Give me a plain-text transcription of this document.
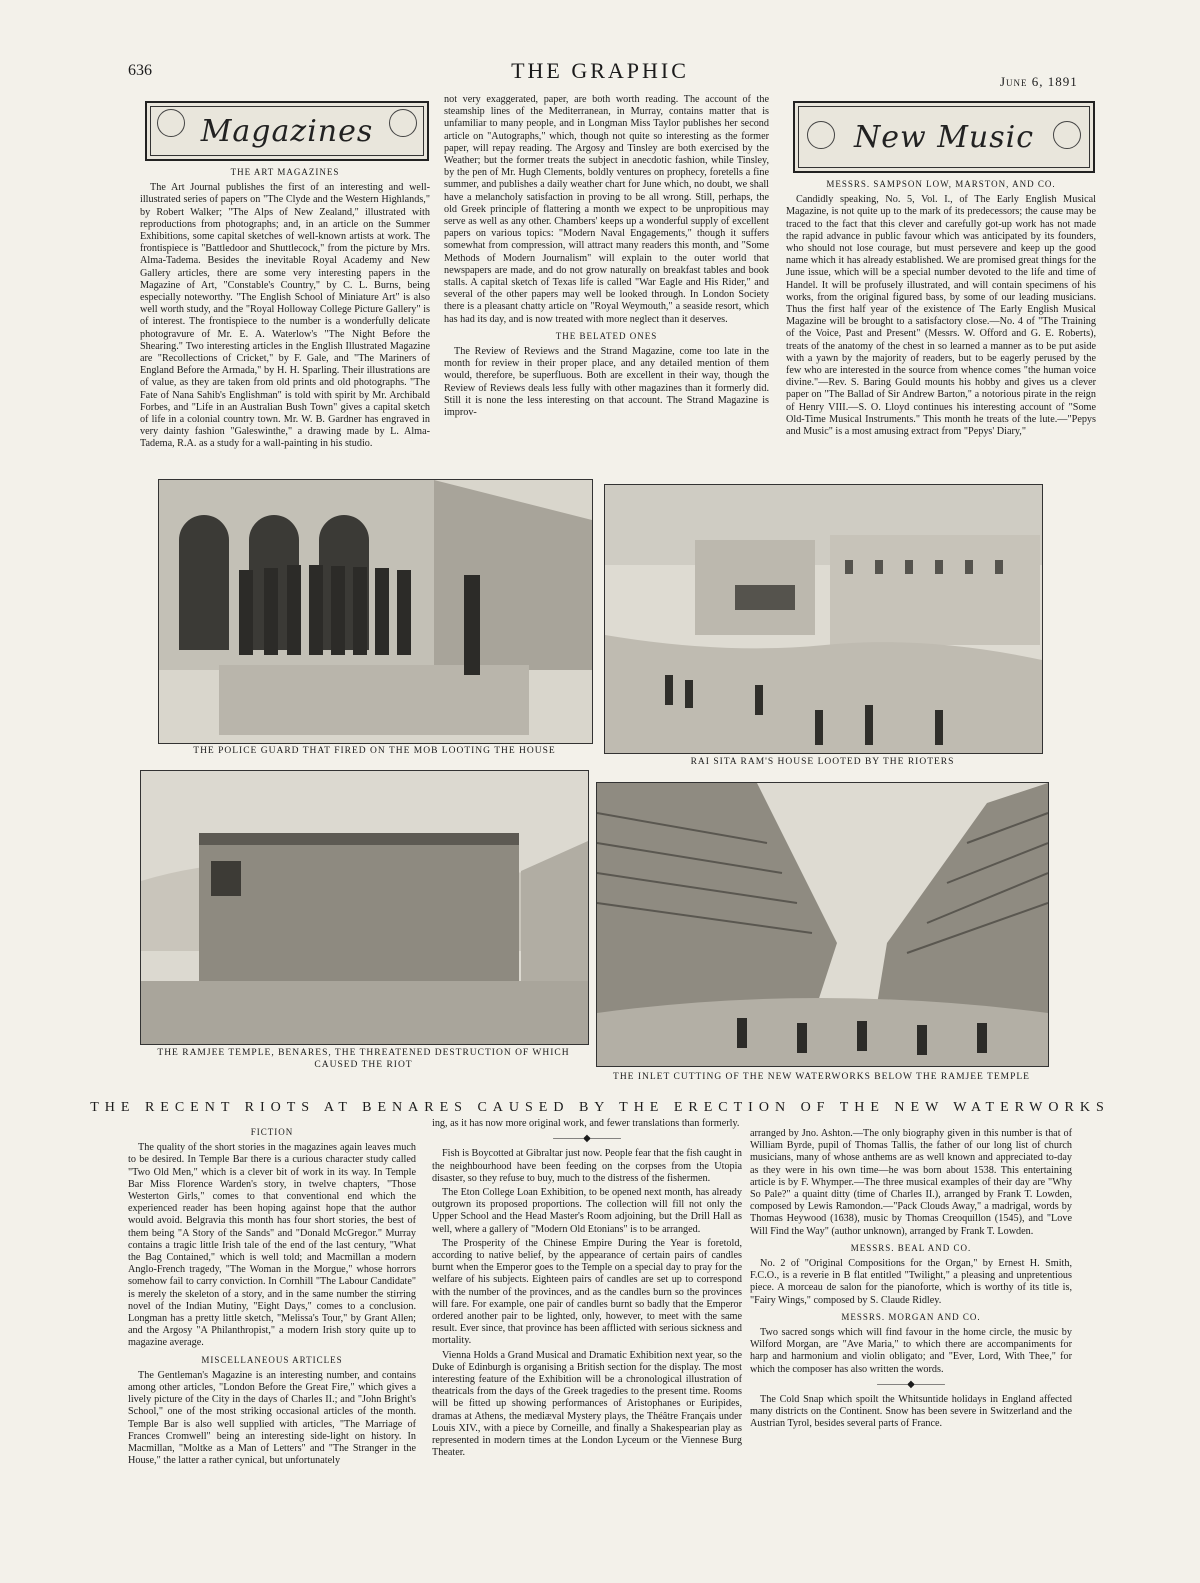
636	THE GRAPHIC	June 6, 1891
Magazines	New Music
THE ART MAGAZINES

The Art Journal publishes the first of an interesting and well-illustrated series of papers on "The Clyde and the Western Highlands," by Robert Walker; "The Alps of New Zealand," illustrated with reproductions from photographs; and, in an article on the Summer Exhibitions, some capital sketches of well-known artists at work. The frontispiece is "Battledoor and Shuttlecock," from the picture by Mrs. Alma-Tadema. Besides the inevitable Royal Academy and New Gallery articles, there are some very interesting papers in the Magazine of Art, "Constable's Country," by C. L. Burns, being especially noteworthy. "The English School of Miniature Art" is also well worth study, and the "Royal Holloway College Picture Gallery" is of interest. The frontispiece to the number is a wonderfully delicate photogravure of Mr. E. A. Waterlow's "The Night Before the Shearing." Two interesting articles in the English Illustrated Magazine are "Recollections of Cricket," by F. Gale, and "The Mariners of England Before the Armada," by H. H. Sparling. Their illustrations are of value, as they are taken from old prints and old photographs. "The Fate of Nana Sahib's Englishman" is told with spirit by Mr. Archibald Forbes, and "Life in an Australian Bush Town" gives a capital sketch of life in a colonial country town. Mr. W. B. Gardner has engraved in very dainty fashion "Galeswinthe," a drawing made by L. Alma-Tadema, R.A. as a study for a wall-painting in his studio.

not very exaggerated, paper, are both worth reading. The account of the steamship lines of the Mediterranean, in Murray, contains matter that is unfamiliar to many people, and in Longman Miss Taylor publishes her second article on "Autographs," which, though not quite so interesting as the former paper, will repay reading. The Argosy and Tinsley are both exercised by the Weather; but the former treats the subject in anecdotic fashion, while Tinsley, by the pen of Mr. Hugh Clements, boldly ventures on prophecy, foretells a fine summer, and publishes a daily weather chart for June which, no doubt, we shall have a melancholy satisfaction in proving to be all wrong. Still, perhaps, the old Greek principle of flattering a month we expect to be unpropitious may serve as well as any other. Chambers' keeps up a wonderful supply of excellent papers on various topics: "Modern Naval Engagements," though it suffers somewhat from compression, will attract many readers this month, and "Some Methods of Modern Journalism" will explain to the outer world that newspapers are made, and do not grow naturally on breakfast tables and book stalls. A capital sketch of Texas life is called "War Eagle and His Rider," and several of the other papers may well be looked through. In London Society there is a pleasant chatty article on "Royal Weymouth," a seaside resort, which has had its day, and is now treated with more neglect than it deserves.

THE BELATED ONES

The Review of Reviews and the Strand Magazine, come too late in the month for review in their proper place, and any detailed mention of them would, therefore, be superfluous. Both are excellent in their way, though the Review of Reviews deals less fully with other magazines than it formerly did. Still it is none the less interesting on that account. The Strand Magazine is improv-

MESSRS. SAMPSON LOW, MARSTON, AND CO.

Candidly speaking, No. 5, Vol. I., of The Early English Musical Magazine, is not quite up to the mark of its predecessors; the cause may be traced to the fact that this clever and carefully got-up work has not made the rapid advance in public favour which was anticipated by its founders, who should not lose courage, but must persevere and keep up the good name which it has already established. We are promised great things for the June issue, which will be a special number devoted to the life and time of Handel. It will be profusely illustrated, and will contain specimens of his works, from the original figured bass, by some of our leading musicians. Thus the first half year of the existence of The Early English Musical Magazine will be brought to a satisfactory close.—No. 4 of "The Training of the Voice, Past and Present" (Messrs. W. Offord and G. E. Roberts), treats of the anatomy of the chest in so learned a manner as to be put aside with a yawn by the majority of readers, but to be eagerly perused by the few who are interested in the source from whence comes "the human voice divine."—Rev. S. Baring Gould mounts his hobby and gives us a clever paper on "The Ballad of Sir Andrew Barton," a notorious pirate in the reign of Henry VIII.—S. O. Lloyd continues his interesting account of "Some Old-Time Musical Instruments." This month he treats of the lute.—"Pepys and Music" is a most amusing extract from "Pepys' Diary,"

THE POLICE GUARD THAT FIRED ON THE MOB LOOTING THE HOUSE
RAI SITA RAM'S HOUSE LOOTED BY THE RIOTERS
THE RAMJEE TEMPLE, BENARES, THE THREATENED DESTRUCTION OF WHICH
CAUSED THE RIOT
THE INLET CUTTING OF THE NEW WATERWORKS BELOW THE RAMJEE TEMPLE
THE RECENT RIOTS AT BENARES CAUSED BY THE ERECTION OF THE NEW WATERWORKS
FICTION

The quality of the short stories in the magazines again leaves much to be desired. In Temple Bar there is a curious character study called "Two Old Men," which is a clever bit of work in its way. In Temple Bar Miss Florence Warden's story, in twelve chapters, "Those Westerton Girls," comes to that conventional end which the experienced reader has been hoping against hope that the author would avoid. Belgravia this month has four short stories, the best of them being "A Story of the Sands" and "Donald McGregor." Murray contains a tragic little Irish tale of the end of the last century, "What the Bag Contained," which is well told; and Macmillan a modern Anglo-French tragedy, "The Woman in the Morgue," whose horrors somehow fail to carry conviction. In Cornhill "The Labour Candidate" is merely the skeleton of a story, and in the same number the stirring novel of the Indian Mutiny, "Eight Days," comes to a conclusion. Longman has a pretty little sketch, "Melissa's Tour," by Grant Allen; and the Argosy "A Philanthropist," a modern Irish story quite up to magazine average.

MISCELLANEOUS ARTICLES

The Gentleman's Magazine is an interesting number, and contains among other articles, "London Before the Great Fire," which gives a lively picture of the City in the days of Charles II.; and "John Bright's School," one of the most striking occasional articles of the month. Temple Bar is also well supplied with articles, "The Marriage of Frances Cromwell" being an interesting side-light on history. In Macmillan, "Moltke as a Man of Letters" and "The Stranger in the House," the latter a rather cynical, but unfortunately

ing, as it has now more original work, and fewer translations than formerly.

———◆———

Fish is Boycotted at Gibraltar just now. People fear that the fish caught in the neighbourhood have been feeding on the corpses from the Utopia disaster, so they refuse to buy, much to the distress of the fishermen.

The Eton College Loan Exhibition, to be opened next month, has already outgrown its proposed proportions. The collection will fill not only the Upper School and the Head Master's Room adjoining, but the Drill Hall as well, where a gallery of "Modern Old Etonians" is to be arranged.

The Prosperity of the Chinese Empire During the Year is foretold, according to native belief, by the appearance of certain pairs of candles burnt when the Emperor goes to the Temple on a special day to pray for the welfare of his subjects. Eighteen pairs of candles are set up to correspond with the number of the provinces, and as the candles burn so the provinces will fare. For example, one pair of candles burnt so badly that the Emperor ordered another pair to be lighted, only, however, to meet with the same result. Ever since, that province has been afflicted with serious sickness and mortality.

Vienna Holds a Grand Musical and Dramatic Exhibition next year, so the Duke of Edinburgh is organising a British section for the display. The most interesting feature of the Exhibition will be a chronological illustration of theatricals from the days of the Greek tragedies to the present time. Rooms will be fitted up showing performances of Aristophanes or Euripides, dramas at Athens, the mediæval Mystery plays, the Théâtre Français under Louis XIV., with a piece by Corneille, and finally a Shakespearian play as represented in modern times at the London Lyceum or the Viennese Burg Theater.

arranged by Jno. Ashton.—The only biography given in this number is that of William Byrde, pupil of Thomas Tallis, the father of our long list of church musicians, many of whose anthems are as well known and appreciated to-day as they were in his own time—he was born about 1538. This entertaining article is by F. Whymper.—The three musical examples of their day are "Why So Pale?" a quaint ditty (time of Charles II.), arranged by Frank T. Lowden, composed by Lewis Ramondon.—"Pack Clouds Away," a madrigal, words by Thomas Heywood (1638), music by Thomas Creoquillon (1545), and "Love Will Find the Way" (author unknown), arranged by Frank T. Lowden.

MESSRS. BEAL AND CO.

No. 2 of "Original Compositions for the Organ," by Ernest H. Smith, F.C.O., is a reverie in B flat entitled "Twilight," a pleasing and unpretentious piece. A morceau de salon for the pianoforte, which is worthy of its title is, "Fairy Wings," composed by S. Claude Ridley.

MESSRS. MORGAN AND CO.

Two sacred songs which will find favour in the home circle, the music by Wilford Morgan, are "Ave Maria," to which there are accompaniments for harp and harmonium and violin obligato; and "Ever, Lord, With Thee," for which the composer has also written the words.

———◆———

The Cold Snap which spoilt the Whitsuntide holidays in England affected many districts on the Continent. Snow has been severe in Switzerland and the Austrian Tyrol, besides several parts of France.
